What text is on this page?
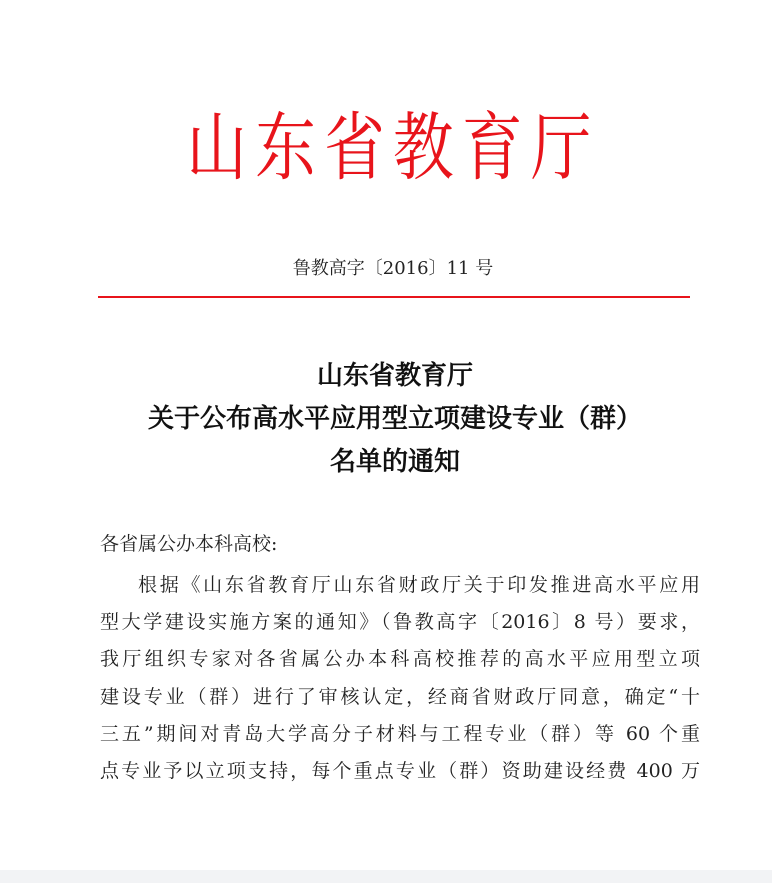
山东省教育厅
鲁教高字〔2016〕11 号
山东省教育厅
关于公布高水平应用型立项建设专业（群）
名单的通知
各省属公办本科高校:
根据《山东省教育厅山东省财政厅关于印发推进高水平应用
型大学建设实施方案的通知》（鲁教高字〔2016〕8 号）要求，
我厅组织专家对各省属公办本科高校推荐的高水平应用型立项
建设专业（群）进行了审核认定，经商省财政厅同意，确定“十
三五”期间对青岛大学高分子材料与工程专业（群）等 60 个重
点专业予以立项支持，每个重点专业（群）资助建设经费 400 万
